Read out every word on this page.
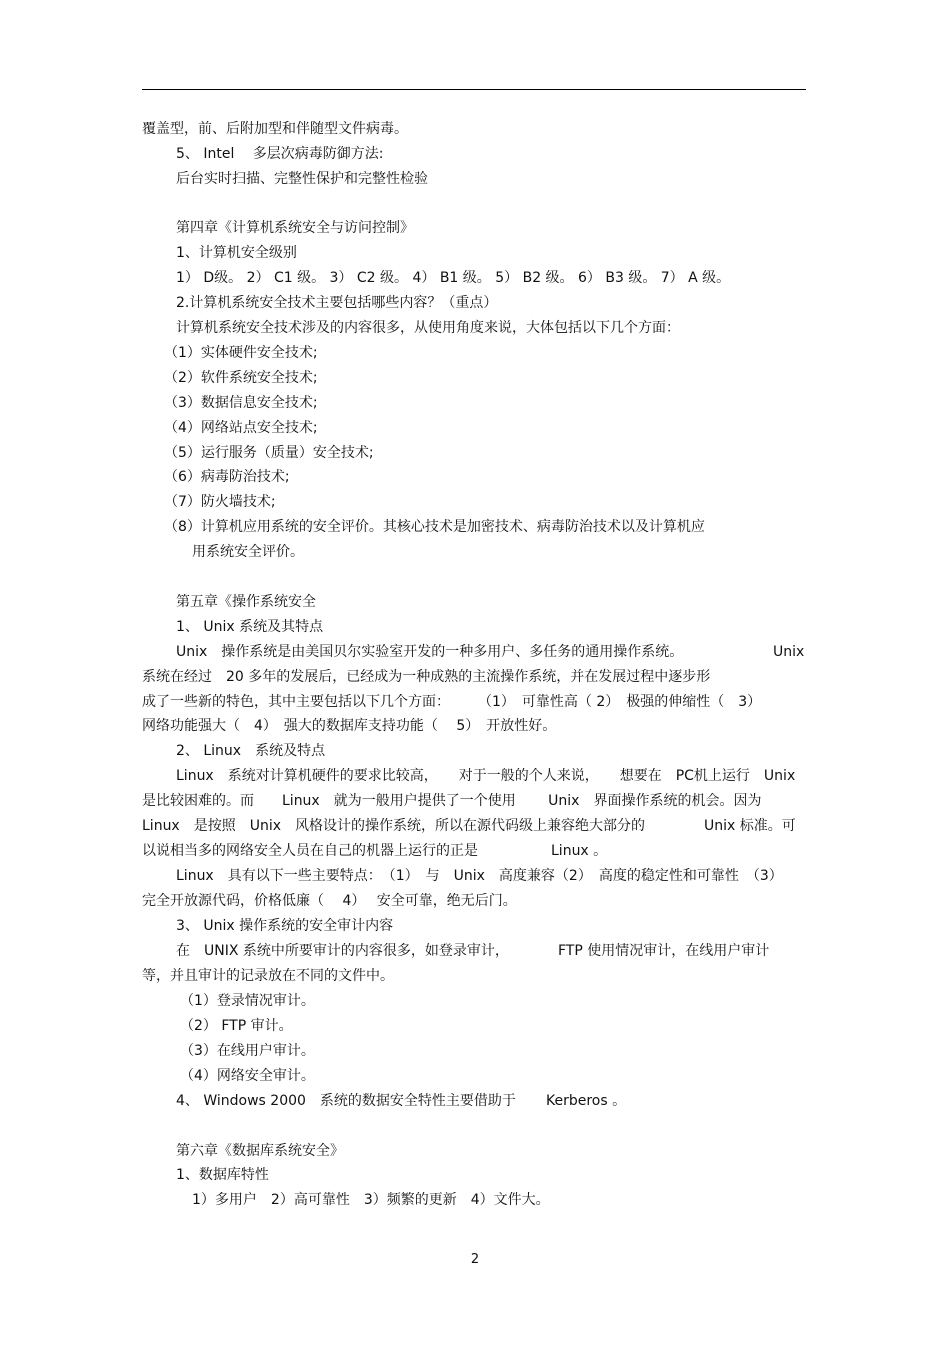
覆盖型，前、后附加型和伴随型文件病毒。
5、 Intel　 多层次病毒防御方法:
后台实时扫描、完整性保护和完整性检验
第四章《计算机系统安全与访问控制》
1、计算机安全级别
1） D级。 2） C1 级。 3） C2 级。 4） B1 级。 5） B2 级。 6） B3 级。 7） A 级。
2.计算机系统安全技术主要包括哪些内容？（重点）
计算机系统安全技术涉及的内容很多，从使用角度来说，大体包括以下几个方面：
（1）实体硬件安全技术;
（2）软件系统安全技术;
（3）数据信息安全技术;
（4）网络站点安全技术;
（5）运行服务（质量）安全技术;
（6）病毒防治技术;
（7）防火墙技术;
（8）计算机应用系统的安全评价。其核心技术是加密技术、病毒防治技术以及计算机应
用系统安全评价。
第五章《操作系统安全
1、 Unix 系统及其特点
Unix　操作系统是由美国贝尔实验室开发的一种多用户、多任务的通用操作系统。	Unix
系统在经过　20 多年的发展后，已经成为一种成熟的主流操作系统，并在发展过程中逐步形
成了一些新的特色，其中主要包括以下几个方面：　　　（1）　可靠性高（ 2）　极强的伸缩性（　3）
网络功能强大（　4）　强大的数据库支持功能（　 5）　开放性好。
2、 Linux　系统及特点
Linux　系统对计算机硬件的要求比较高，　　对于一般的个人来说，　　想要在　PC机上运行　Unix
是比较困难的。而　　Linux　就为一般用户提供了一个使用　　 Unix　界面操作系统的机会。因为
Linux　是按照　Unix　风格设计的操作系统，所以在源代码级上兼容绝大部分的	Unix 标准。可
以说相当多的网络安全人员在自己的机器上运行的正是	Linux 。
Linux　具有以下一些主要特点：　（1）　与　Unix　高度兼容（2）　高度的稳定性和可靠性　（3）
完全开放源代码，价格低廉（　 4）　 安全可靠，绝无后门。
3、 Unix 操作系统的安全审计内容
在　UNIX 系统中所要审计的内容很多，如登录审计，	FTP 使用情况审计，在线用户审计
等，并且审计的记录放在不同的文件中。
（1）登录情况审计。
（2） FTP 审计。
（3）在线用户审计。
（4）网络安全审计。
4、 Windows 2000　系统的数据安全特性主要借助于 Kerberos 。
第六章《数据库系统安全》
1、数据库特性
1）多用户　2）高可靠性　3）频繁的更新　4）文件大。
2
